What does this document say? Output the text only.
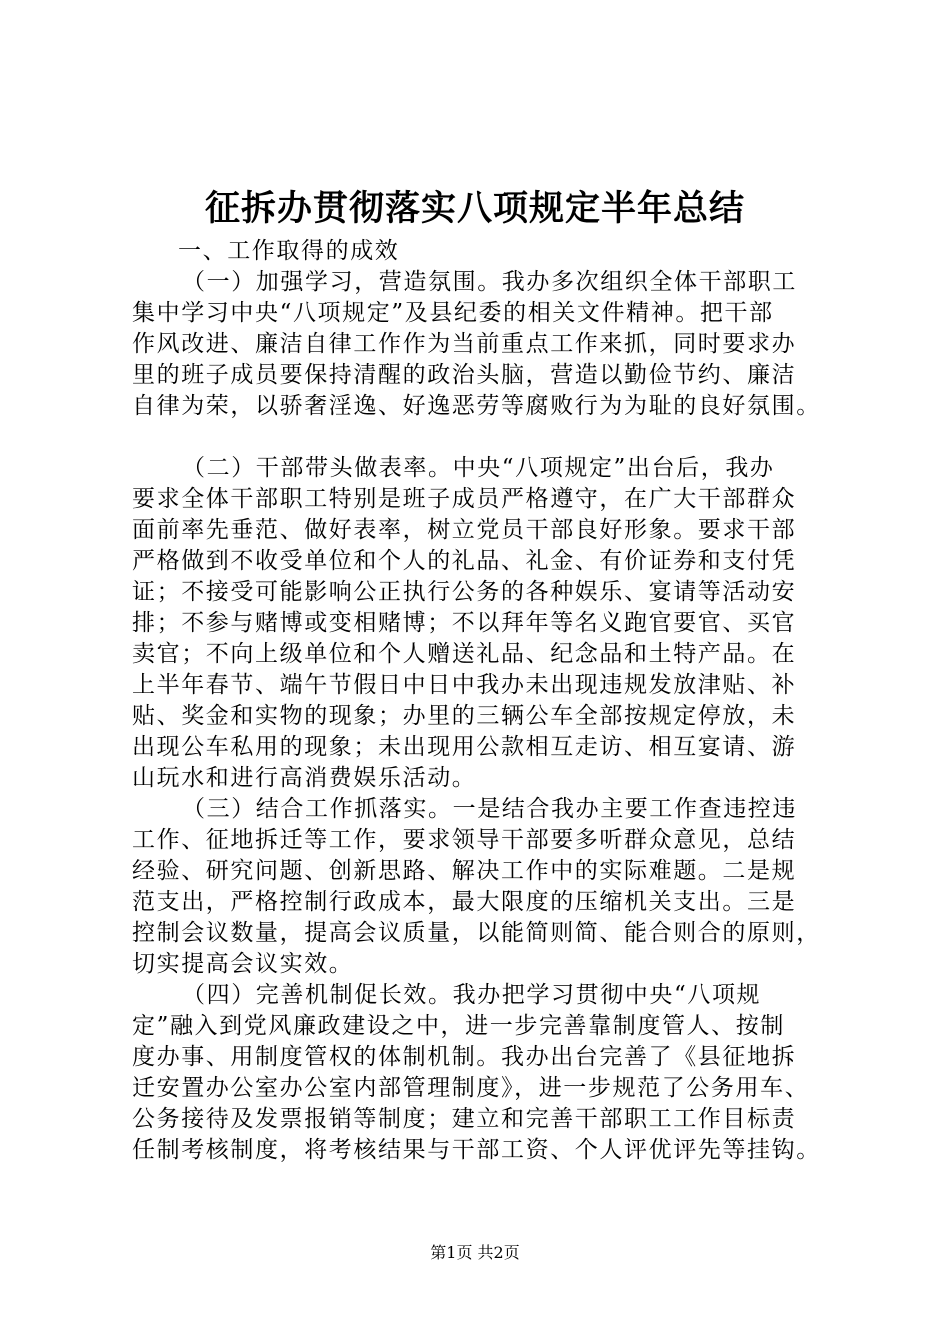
征拆办贯彻落实八项规定半年总结
一、工作取得的成效
（一）加强学习，营造氛围。我办多次组织全体干部职工
集中学习中央“八项规定”及县纪委的相关文件精神。把干部
作风改进、廉洁自律工作作为当前重点工作来抓，同时要求办
里的班子成员要保持清醒的政治头脑，营造以勤俭节约、廉洁
自律为荣，以骄奢淫逸、好逸恶劳等腐败行为为耻的良好氛围。
（二）干部带头做表率。中央“八项规定”出台后，我办
要求全体干部职工特别是班子成员严格遵守，在广大干部群众
面前率先垂范、做好表率，树立党员干部良好形象。要求干部
严格做到不收受单位和个人的礼品、礼金、有价证券和支付凭
证；不接受可能影响公正执行公务的各种娱乐、宴请等活动安
排；不参与赌博或变相赌博；不以拜年等名义跑官要官、买官
卖官；不向上级单位和个人赠送礼品、纪念品和土特产品。在
上半年春节、端午节假日中日中我办未出现违规发放津贴、补
贴、奖金和实物的现象；办里的三辆公车全部按规定停放，未
出现公车私用的现象；未出现用公款相互走访、相互宴请、游
山玩水和进行高消费娱乐活动。
（三）结合工作抓落实。一是结合我办主要工作查违控违
工作、征地拆迁等工作，要求领导干部要多听群众意见，总结
经验、研究问题、创新思路、解决工作中的实际难题。二是规
范支出，严格控制行政成本，最大限度的压缩机关支出。三是
控制会议数量，提高会议质量，以能简则简、能合则合的原则，
切实提高会议实效。
（四）完善机制促长效。我办把学习贯彻中央“八项规
定”融入到党风廉政建设之中，进一步完善靠制度管人、按制
度办事、用制度管权的体制机制。我办出台完善了《县征地拆
迁安置办公室办公室内部管理制度》，进一步规范了公务用车、
公务接待及发票报销等制度；建立和完善干部职工工作目标责
任制考核制度，将考核结果与干部工资、个人评优评先等挂钩。
第1页 共2页
